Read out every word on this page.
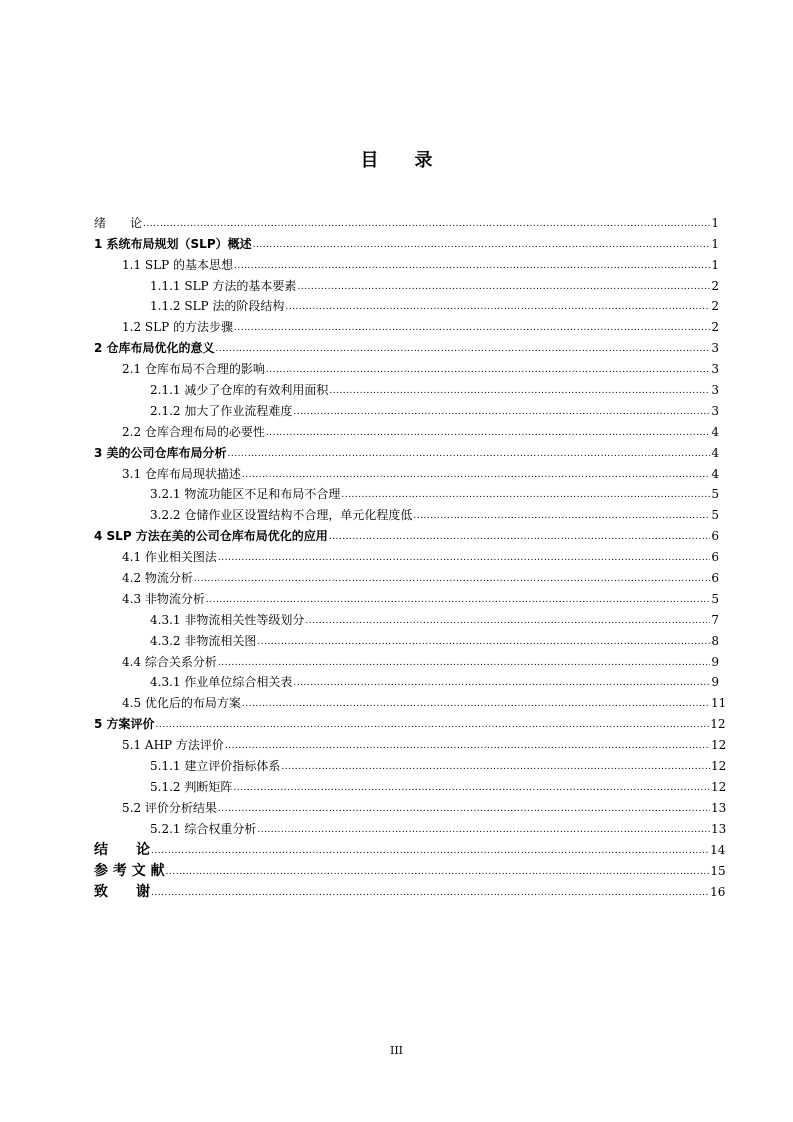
目 录
绪　　论 .....	1
1 系统布局规划（SLP）概述 .....	1
1.1 SLP 的基本思想 .....	1
1.1.1 SLP 方法的基本要素 .....	2
1.1.2 SLP 法的阶段结构 .....	2
1.2 SLP 的方法步骤 .....	2
2 仓库布局优化的意义 .....	3
2.1 仓库布局不合理的影响 .....	3
2.1.1 减少了仓库的有效利用面积 .....	3
2.1.2 加大了作业流程难度 .....	3
2.2 仓库合理布局的必要性 .....	4
3 美的公司仓库布局分析 .....	4
3.1 仓库布局现状描述 .....	4
3.2.1 物流功能区不足和布局不合理 .....	5
3.2.2 仓储作业区设置结构不合理，单元化程度低 .....	5
4 SLP 方法在美的公司仓库布局优化的应用 .....	6
4.1 作业相关图法 .....	6
4.2 物流分析 .....	6
4.3 非物流分析 .....	5
4.3.1 非物流相关性等级划分 .....	7
4.3.2 非物流相关图 .....	8
4.4 综合关系分析 .....	9
4.3.1 作业单位综合相关表 .....	9
4.5 优化后的布局方案 .....	11
5 方案评价 .....	12
5.1 AHP 方法评价 .....	12
5.1.1 建立评价指标体系 .....	12
5.1.2 判断矩阵 .....	12
5.2 评价分析结果 .....	13
5.2.1 综合权重分析 .....	13
结　　论 .....	14
参 考 文 献 .....	15
致　　谢 .....	16
III
